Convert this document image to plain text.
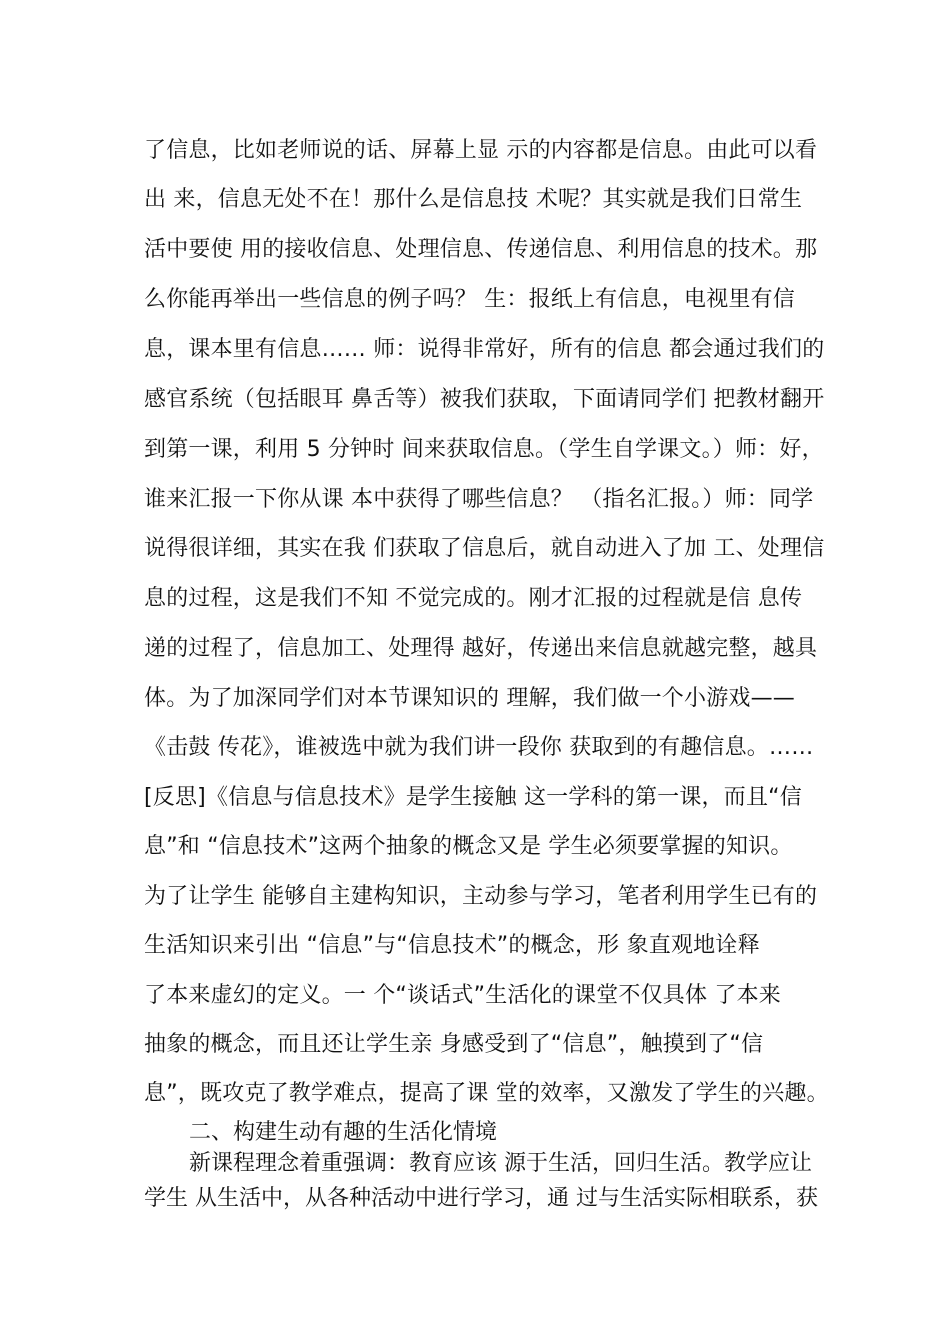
了信息，比如老师说的话、屏幕上显 示的内容都是信息。由此可以看
出 来，信息无处不在！那什么是信息技 术呢？其实就是我们日常生
活中要使 用的接收信息、处理信息、传递信息、利用信息的技术。那
么你能再举出一些信息的例子吗？ 生：报纸上有信息，电视里有信
息，课本里有信息…… 师：说得非常好，所有的信息 都会通过我们的
感官系统（包括眼耳 鼻舌等）被我们获取，下面请同学们 把教材翻开
到第一课，利用 5 分钟时 间来获取信息。（学生自学课文。）师：好，
谁来汇报一下你从课 本中获得了哪些信息？ （指名汇报。）师：同学
说得很详细，其实在我 们获取了信息后，就自动进入了加 工、处理信
息的过程，这是我们不知 不觉完成的。刚才汇报的过程就是信 息传
递的过程了，信息加工、处理得 越好，传递出来信息就越完整，越具
体。为了加深同学们对本节课知识的 理解，我们做一个小游戏——
《击鼓 传花》，谁被选中就为我们讲一段你 获取到的有趣信息。……
[反思]《信息与信息技术》是学生接触 这一学科的第一课，而且“信
息”和 “信息技术”这两个抽象的概念又是 学生必须要掌握的知识。
为了让学生 能够自主建构知识，主动参与学习，笔者利用学生已有的
生活知识来引出 “信息”与“信息技术”的概念，形 象直观地诠释
了本来虚幻的定义。一 个“谈话式”生活化的课堂不仅具体 了本来
抽象的概念，而且还让学生亲 身感受到了“信息”，触摸到了“信
息”，既攻克了教学难点，提高了课 堂的效率，又激发了学生的兴趣。
二、构建生动有趣的生活化情境
新课程理念着重强调：教育应该 源于生活，回归生活。教学应让
学生 从生活中，从各种活动中进行学习，通 过与生活实际相联系，获
